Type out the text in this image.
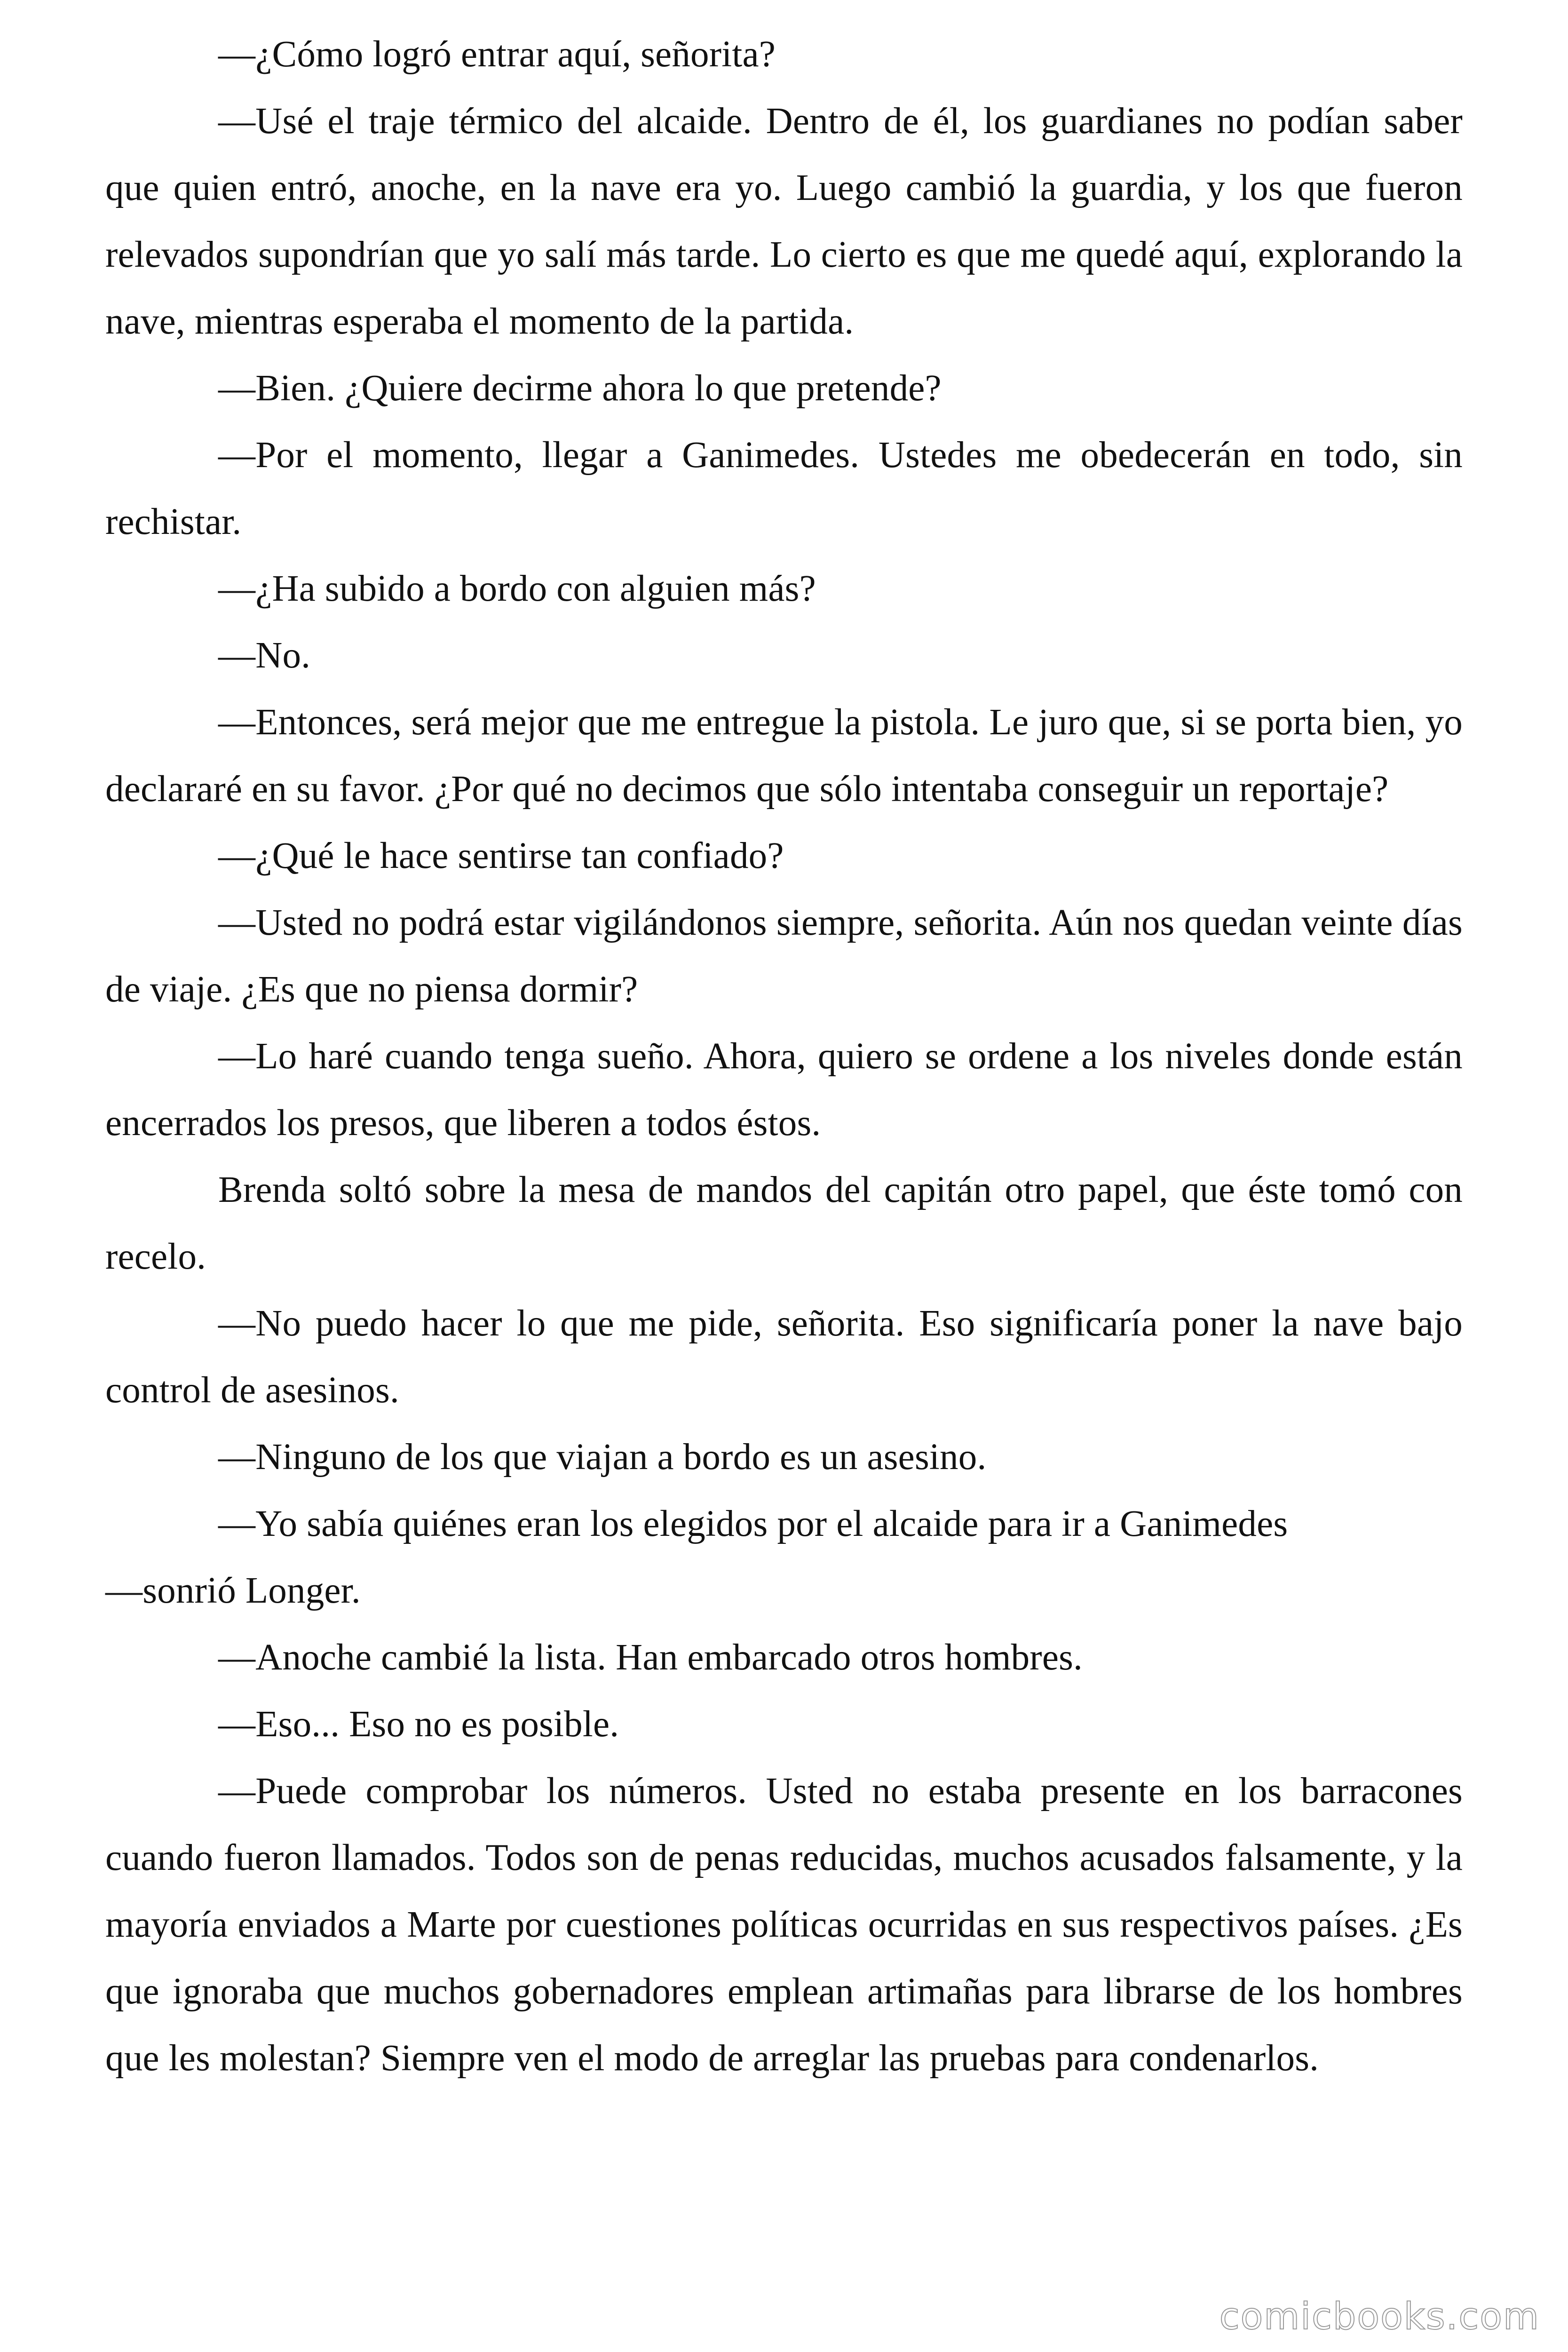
—¿Cómo logró entrar aquí, señorita?

—Usé el traje térmico del alcaide. Dentro de él, los guardianes no podían saber que quien entró, anoche, en la nave era yo. Luego cambió la guardia, y los que fueron relevados supondrían que yo salí más tarde. Lo cierto es que me quedé aquí, explorando la nave, mientras esperaba el momento de la partida.

—Bien. ¿Quiere decirme ahora lo que pretende?

—Por el momento, llegar a Ganimedes. Ustedes me obedecerán en todo, sin rechistar.

—¿Ha subido a bordo con alguien más?

—No.

—Entonces, será mejor que me entregue la pistola. Le juro que, si se porta bien, yo declararé en su favor. ¿Por qué no decimos que sólo intentaba conseguir un reportaje?

—¿Qué le hace sentirse tan confiado?

—Usted no podrá estar vigilándonos siempre, señorita. Aún nos quedan veinte días de viaje. ¿Es que no piensa dormir?

—Lo haré cuando tenga sueño. Ahora, quiero se ordene a los niveles donde están encerrados los presos, que liberen a todos éstos.

Brenda soltó sobre la mesa de mandos del capitán otro papel, que éste tomó con recelo.

—No puedo hacer lo que me pide, señorita. Eso significaría poner la nave bajo control de asesinos.

—Ninguno de los que viajan a bordo es un asesino.

—Yo sabía quiénes eran los elegidos por el alcaide para ir a Ganimedes

—sonrió Longer.

—Anoche cambié la lista. Han embarcado otros hombres.

—Eso... Eso no es posible.

—Puede comprobar los números. Usted no estaba presente en los barracones cuando fueron llamados. Todos son de penas reducidas, muchos acusados falsamente, y la mayoría enviados a Marte por cuestiones políticas ocurridas en sus respectivos países. ¿Es que ignoraba que muchos gobernadores emplean artimañas para librarse de los hombres que les molestan? Siempre ven el modo de arreglar las pruebas para condenarlos.

comicbooks.com
